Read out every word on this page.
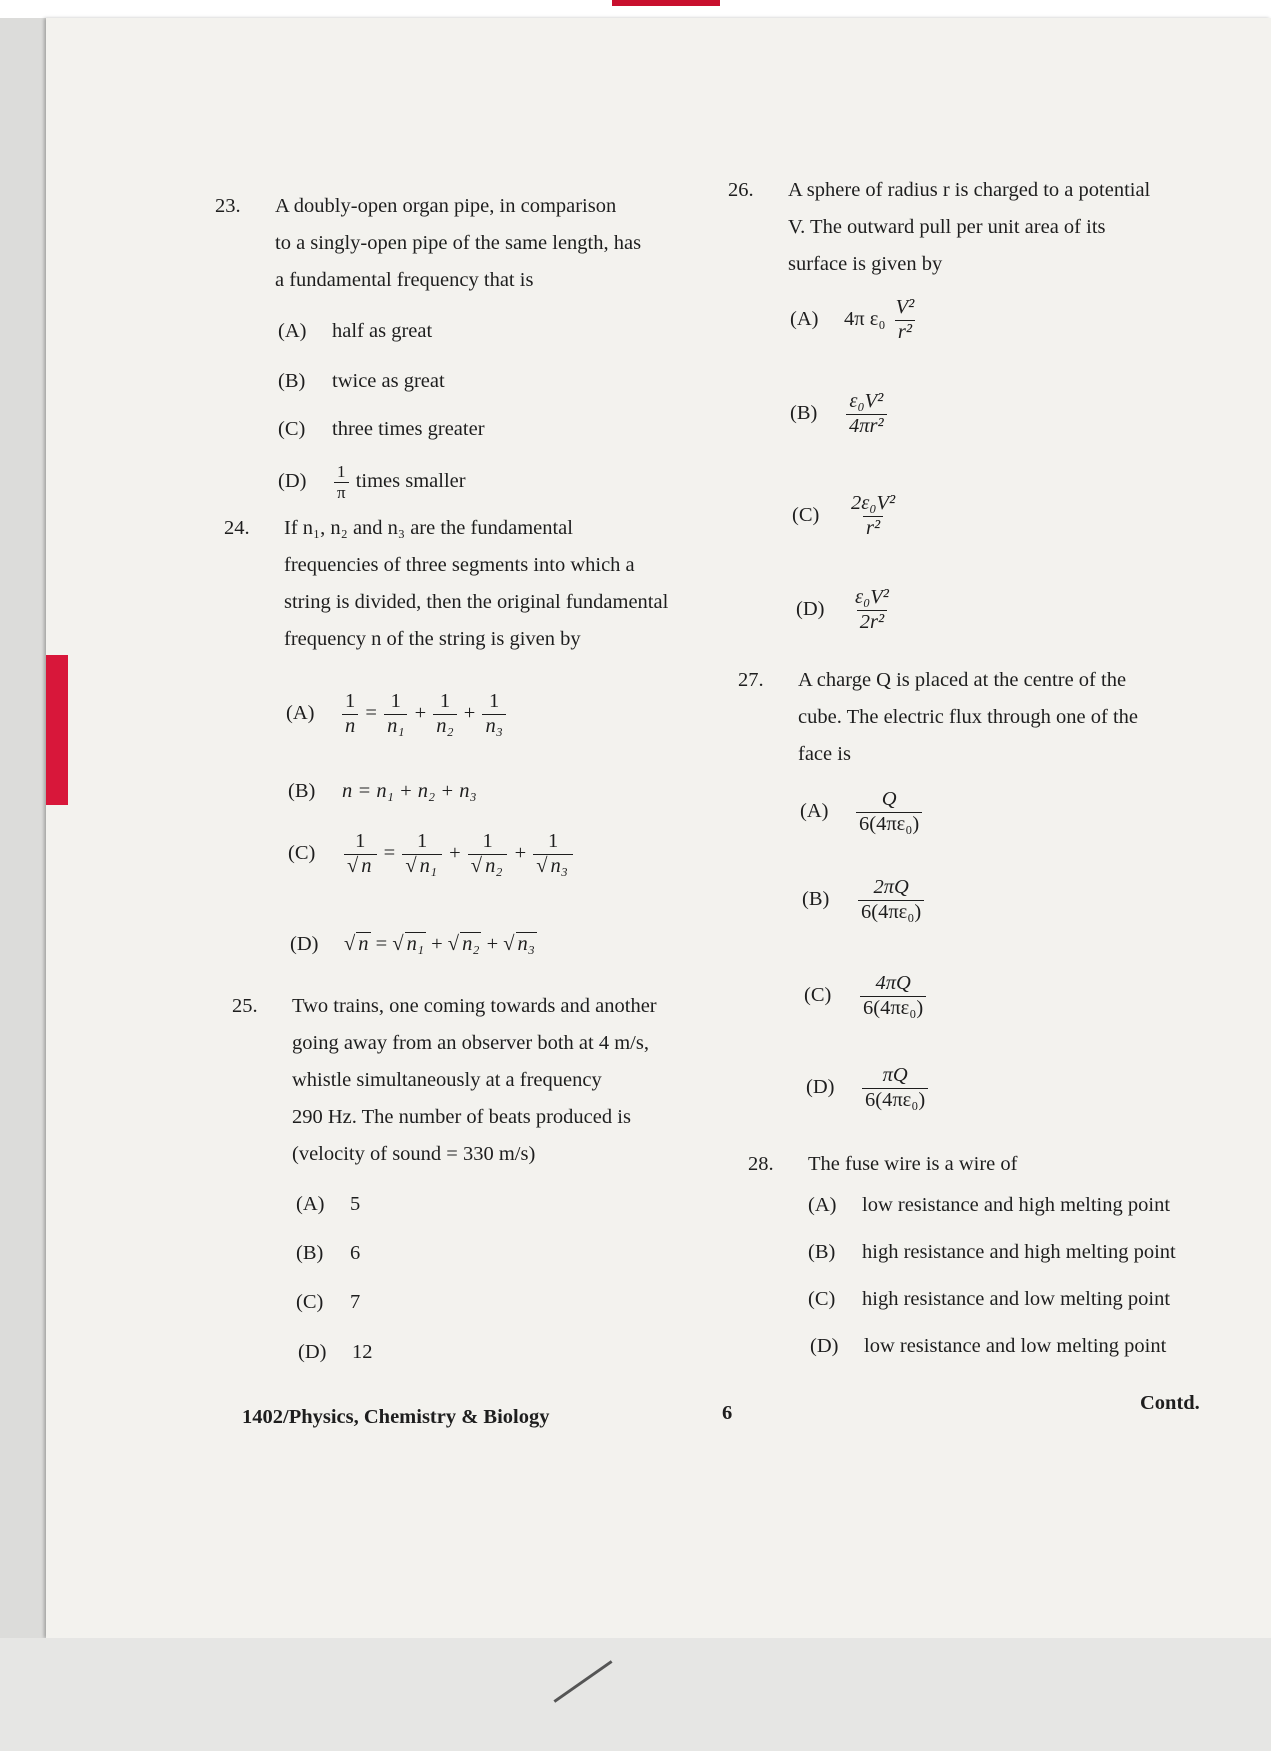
23. A doubly-open organ pipe, in comparison
to a singly-open pipe of the same length, has
a fundamental frequency that is
(A) half as great
(B) twice as great
(C) three times greater
$(D) \frac{1}{\pi}$ times smaller
24. If n₁, n₂ and n₃ are the fundamental
frequencies of three segments into which a
string is divided, then the original fundamental
frequency n of the string is given by
$(A) \frac{1}{n} = \frac{1}{\text{n₁}} + \frac{1}{\text{n₂}} + \frac{1}{\text{n₃}}$
(B) n = n₁ + n₂ + n₃
$(C) \frac{1}{√ n} = \frac{1}{\text{√ n₁}} + \frac{1}{\text{√ n₂}} + \frac{1}{\text{√ n₃}}$
(D) √ n = √ n₁ + √ n₂ + √ n₃
25. Two trains, one coming towards and another
going away from an observer both at 4 m/s,
whistle simultaneously at a frequency
290 Hz. The number of beats produced is
(velocity of sound = 330 m/s)
(A) 5
(B) 6
(C) 7
(D) 12
26. A sphere of radius r is charged to a potential
V. The outward pull per unit area of its
surface is given by
(A) 4π $\varepsilon_0 \frac{\text{V²}}{\text{r²}}$
$(B) \frac{\text{ε₀V²}}{\text{4πr²}}$
$(C) \frac{\text{2ε₀V²}}{\text{r²}}$
$(D) \frac{\text{ε₀V²}}{\text{2r²}}$
27. A charge Q is placed at the centre of the
cube. The electric flux through one of the
face is
$(A) \frac{Q}{\text{6(4πε₀)}}$
$(B) \frac{2\pi Q}{\text{6(4πε₀)}}$
$(C) \frac{4\pi Q}{\text{6(4πε₀)}}$
$(D) \frac{\pi Q}{\text{6(4πε₀)}}$
28. The fuse wire is a wire of
(A) low resistance and high melting point
(B) high resistance and high melting point
(C) high resistance and low melting point
(D) low resistance and low melting point
1402/Physics, Chemistry & Biology	6	Contd.
